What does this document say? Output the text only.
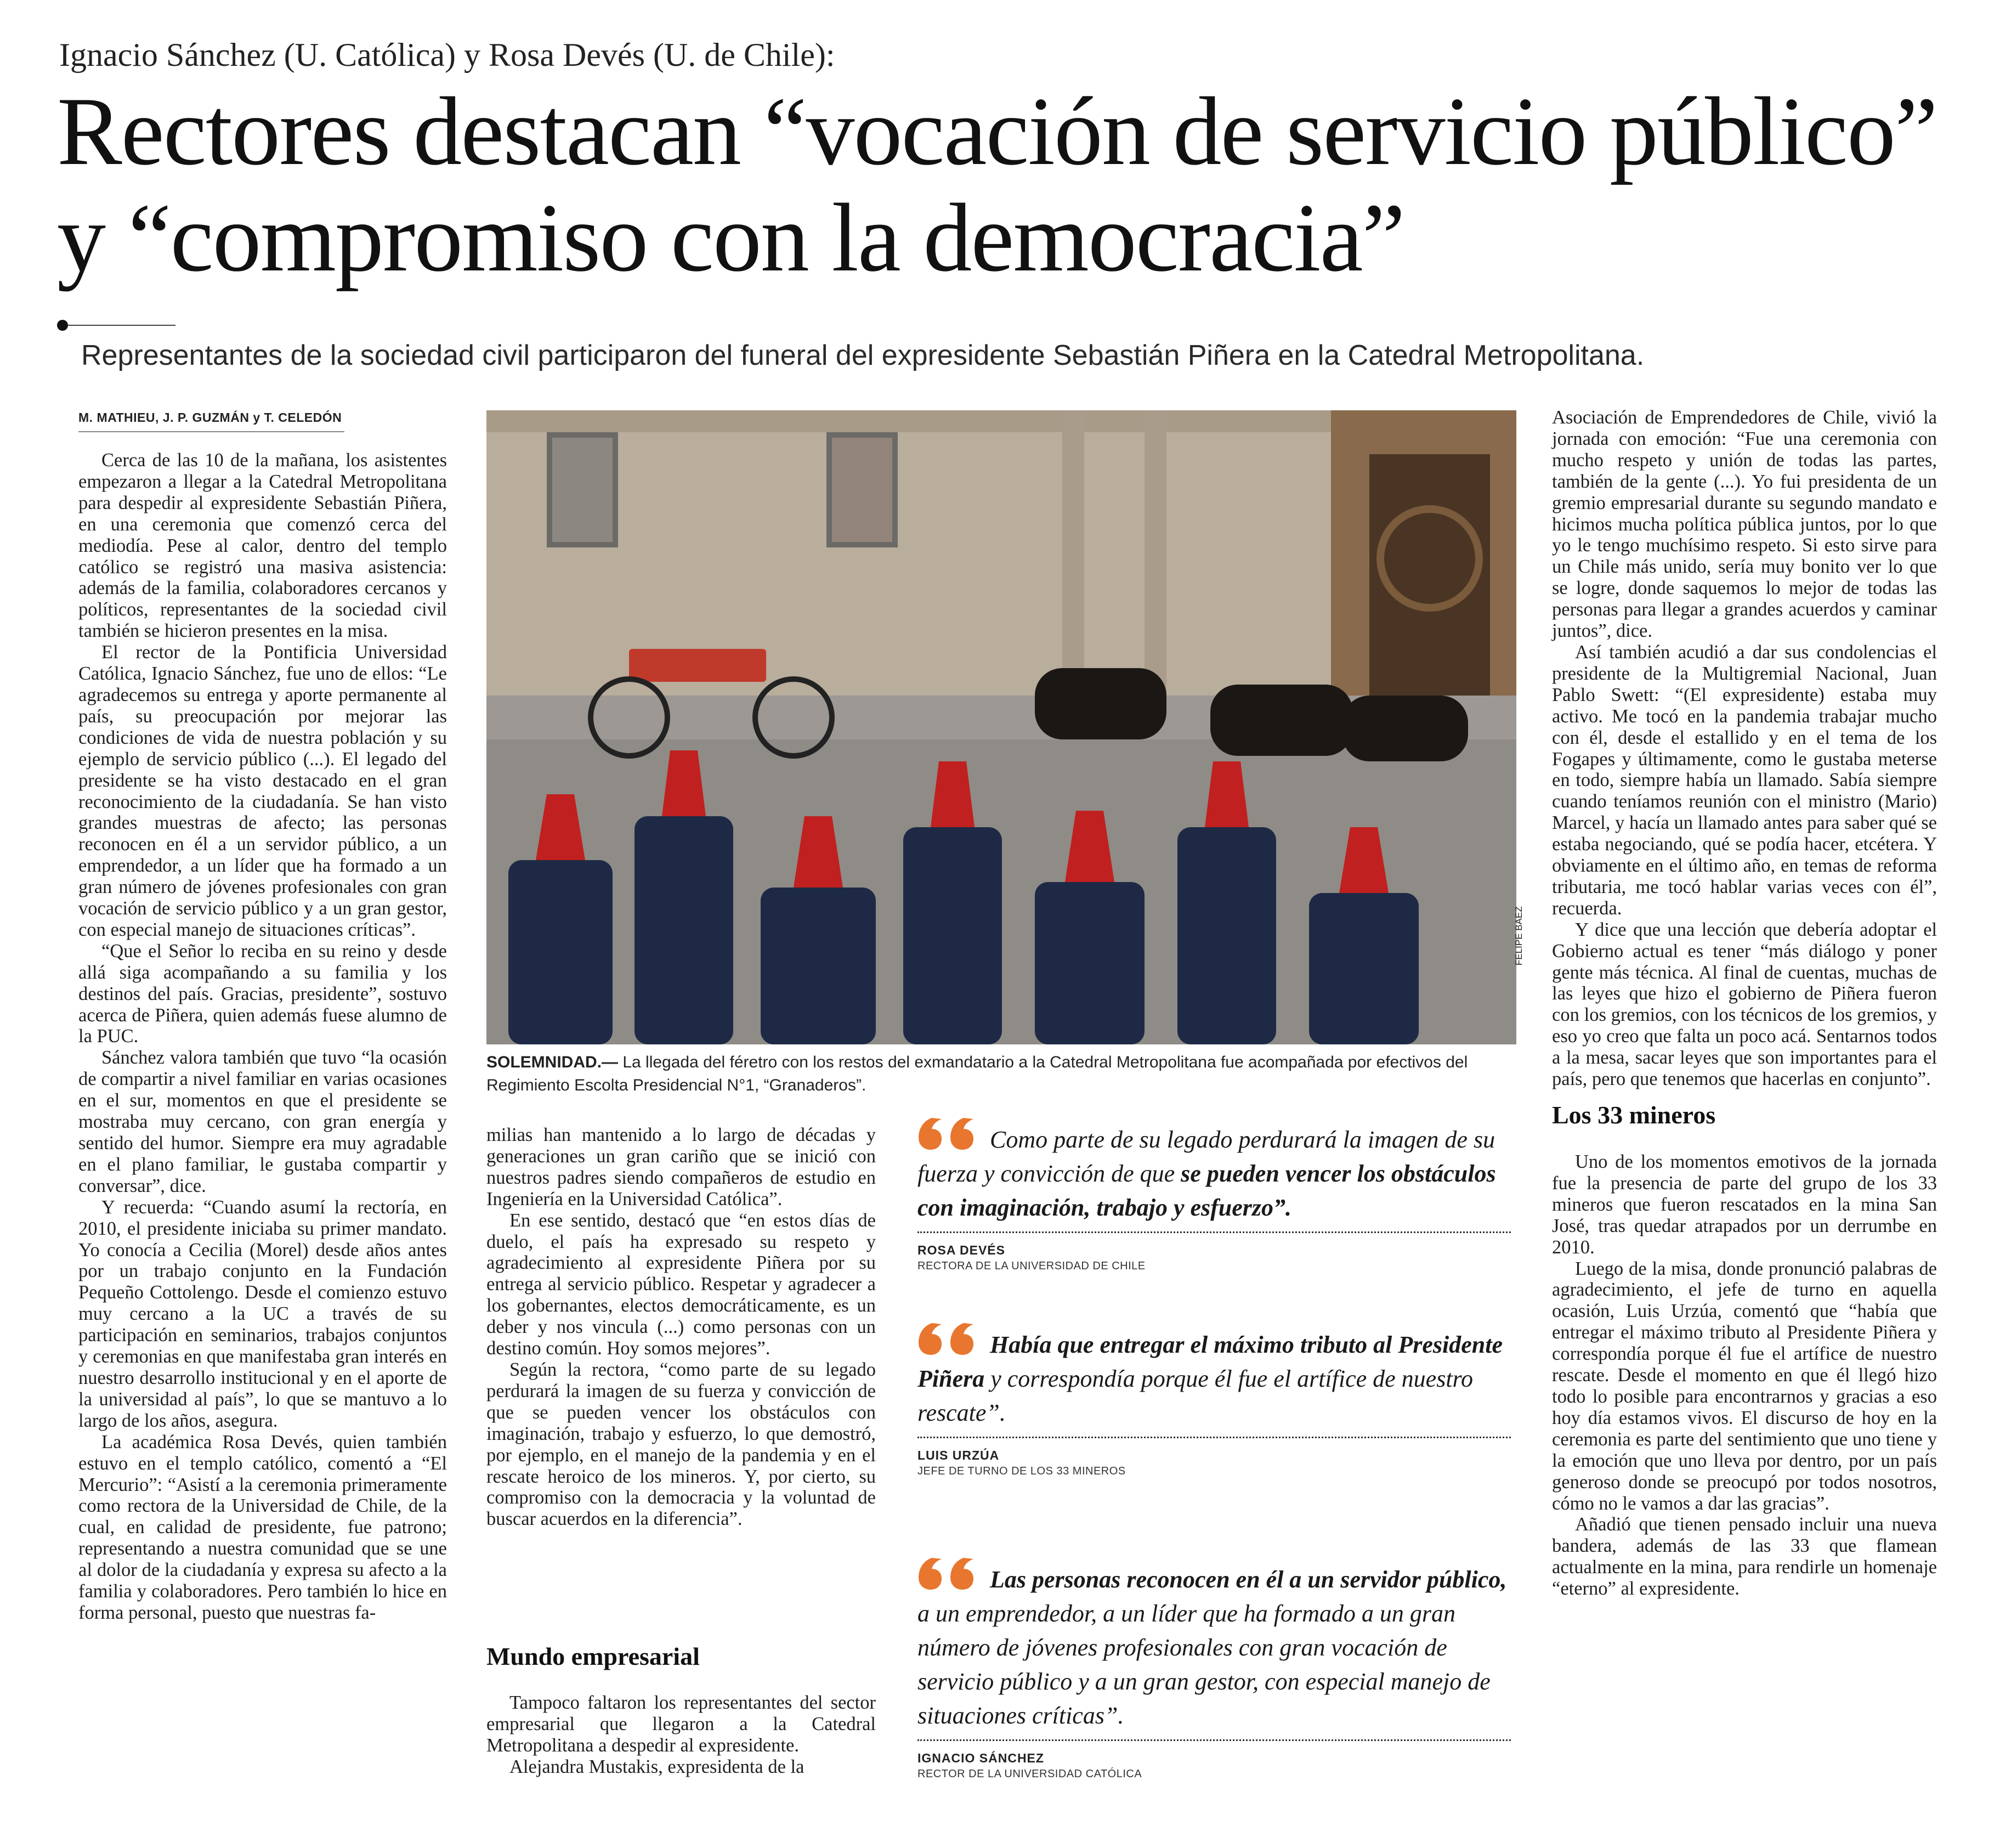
Ignacio Sánchez (U. Católica) y Rosa Devés (U. de Chile):
Rectores destacan “vocación de servicio público” y “compromiso con la democracia”
Representantes de la sociedad civil participaron del funeral del expresidente Sebastián Piñera en la Catedral Metropolitana.
M. MATHIEU, J. P. GUZMÁN y T. CELEDÓN

Cerca de las 10 de la mañana, los asistentes empezaron a llegar a la Catedral Metropolitana para despedir al expresidente Sebastián Piñera, en una ceremonia que comenzó cerca del mediodía. Pese al calor, dentro del templo católico se registró una masiva asistencia: además de la familia, colaboradores cercanos y políticos, representantes de la sociedad civil también se hicieron presentes en la misa.

El rector de la Pontificia Universidad Católica, Ignacio Sánchez, fue uno de ellos: “Le agradecemos su entrega y aporte permanente al país, su preocupación por mejorar las condiciones de vida de nuestra población y su ejemplo de servicio público (...). El legado del presidente se ha visto destacado en el gran reconocimiento de la ciudadanía. Se han visto grandes muestras de afecto; las personas reconocen en él a un servidor público, a un emprendedor, a un líder que ha formado a un gran número de jóvenes profesionales con gran vocación de servicio público y a un gran gestor, con especial manejo de situaciones críticas”.

“Que el Señor lo reciba en su reino y desde allá siga acompañando a su familia y los destinos del país. Gracias, presidente”, sostuvo acerca de Piñera, quien además fuese alumno de la PUC.

Sánchez valora también que tuvo “la ocasión de compartir a nivel familiar en varias ocasiones en el sur, momentos en que el presidente se mostraba muy cercano, con gran energía y sentido del humor. Siempre era muy agradable en el plano familiar, le gustaba compartir y conversar”, dice.

Y recuerda: “Cuando asumí la rectoría, en 2010, el presidente iniciaba su primer mandato. Yo conocía a Cecilia (Morel) desde años antes por un trabajo conjunto en la Fundación Pequeño Cottolengo. Desde el comienzo estuvo muy cercano a la UC a través de su participación en seminarios, trabajos conjuntos y ceremonias en que manifestaba gran interés en nuestro desarrollo institucional y en el aporte de la universidad al país”, lo que se mantuvo a lo largo de los años, asegura.

La académica Rosa Devés, quien también estuvo en el templo católico, comentó a “El Mercurio”: “Asistí a la ceremonia primeramente como rectora de la Universidad de Chile, de la cual, en calidad de presidente, fue patrono; representando a nuestra comunidad que se une al dolor de la ciudadanía y expresa su afecto a la familia y colaboradores. Pero también lo hice en forma personal, puesto que nuestras fa-

FELIPE BAEZ
SOLEMNIDAD.— La llegada del féretro con los restos del exmandatario a la Catedral Metropolitana fue acompañada por efectivos del Regimiento Escolta Presidencial N°1, “Granaderos”.

milias han mantenido a lo largo de décadas y generaciones un gran cariño que se inició con nuestros padres siendo compañeros de estudio en Ingeniería en la Universidad Católica”.

En ese sentido, destacó que “en estos días de duelo, el país ha expresado su respeto y agradecimiento al expresidente Piñera por su entrega al servicio público. Respetar y agradecer a los gobernantes, electos democráticamente, es un deber y nos vincula (...) como personas con un destino común. Hoy somos mejores”.

Según la rectora, “como parte de su legado perdurará la imagen de su fuerza y convicción de que se pueden vencer los obstáculos con imaginación, trabajo y esfuerzo, lo que demostró, por ejemplo, en el manejo de la pandemia y en el rescate heroico de los mineros. Y, por cierto, su compromiso con la democracia y la voluntad de buscar acuerdos en la diferencia”.

Mundo empresarial

Tampoco faltaron los representantes del sector empresarial que llegaron a la Catedral Metropolitana a despedir al expresidente.

Alejandra Mustakis, expresidenta de la

Como parte de su legado perdurará la imagen de su fuerza y convicción de que se pueden vencer los obstáculos con imaginación, trabajo y esfuerzo”.
ROSA DEVÉS
RECTORA DE LA UNIVERSIDAD DE CHILE
Había que entregar el máximo tributo al Presidente Piñera y correspondía porque él fue el artífice de nuestro rescate”.
LUIS URZÚA
JEFE DE TURNO DE LOS 33 MINEROS
Las personas reconocen en él a un servidor público, a un emprendedor, a un líder que ha formado a un gran número de jóvenes profesionales con gran vocación de servicio público y a un gran gestor, con especial manejo de situaciones críticas”.
IGNACIO SÁNCHEZ
RECTOR DE LA UNIVERSIDAD CATÓLICA

Asociación de Emprendedores de Chile, vivió la jornada con emoción: “Fue una ceremonia con mucho respeto y unión de todas las partes, también de la gente (...). Yo fui presidenta de un gremio empresarial durante su segundo mandato e hicimos mucha política pública juntos, por lo que yo le tengo muchísimo respeto. Si esto sirve para un Chile más unido, sería muy bonito ver lo que se logre, donde saquemos lo mejor de todas las personas para llegar a grandes acuerdos y caminar juntos”, dice.

Así también acudió a dar sus condolencias el presidente de la Multigremial Nacional, Juan Pablo Swett: “(El expresidente) estaba muy activo. Me tocó en la pandemia trabajar mucho con él, desde el estallido y en el tema de los Fogapes y últimamente, como le gustaba meterse en todo, siempre había un llamado. Sabía siempre cuando teníamos reunión con el ministro (Mario) Marcel, y hacía un llamado antes para saber qué se estaba negociando, qué se podía hacer, etcétera. Y obviamente en el último año, en temas de reforma tributaria, me tocó hablar varias veces con él”, recuerda.

Y dice que una lección que debería adoptar el Gobierno actual es tener “más diálogo y poner gente más técnica. Al final de cuentas, muchas de las leyes que hizo el gobierno de Piñera fueron con los gremios, con los técnicos de los gremios, y eso yo creo que falta un poco acá. Sentarnos todos a la mesa, sacar leyes que son importantes para el país, pero que tenemos que hacerlas en conjunto”.

Los 33 mineros

Uno de los momentos emotivos de la jornada fue la presencia de parte del grupo de los 33 mineros que fueron rescatados en la mina San José, tras quedar atrapados por un derrumbe en 2010.

Luego de la misa, donde pronunció palabras de agradecimiento, el jefe de turno en aquella ocasión, Luis Urzúa, comentó que “había que entregar el máximo tributo al Presidente Piñera y correspondía porque él fue el artífice de nuestro rescate. Desde el momento en que él llegó hizo todo lo posible para encontrarnos y gracias a eso hoy día estamos vivos. El discurso de hoy en la ceremonia es parte del sentimiento que uno tiene y la emoción que uno lleva por dentro, por un país generoso donde se preocupó por todos nosotros, cómo no le vamos a dar las gracias”.

Añadió que tienen pensado incluir una nueva bandera, además de las 33 que flamean actualmente en la mina, para rendirle un homenaje “eterno” al expresidente.
